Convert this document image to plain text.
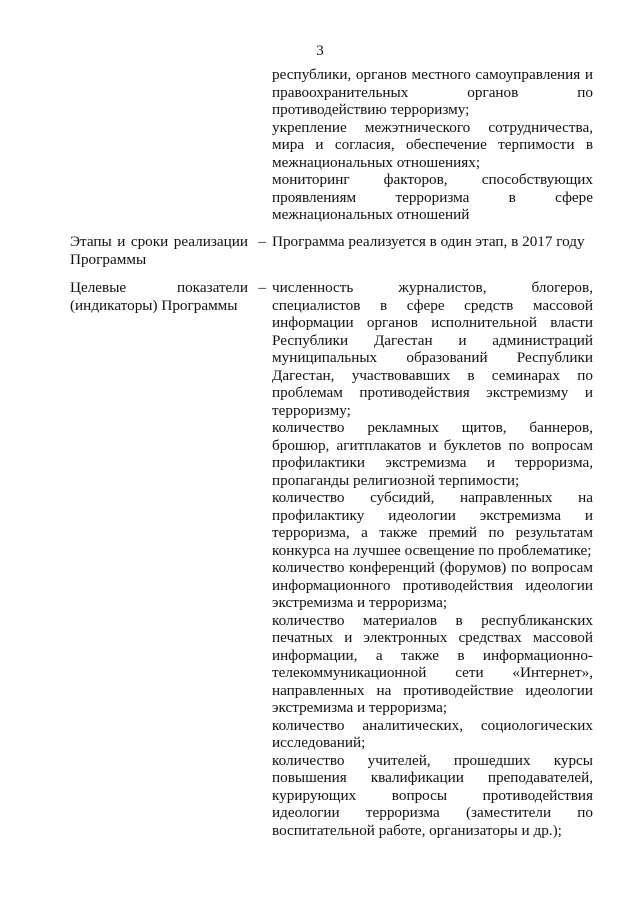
3

республики, органов местного самоуправления и правоохранительных органов по противодействию терроризму;

укрепление межэтнического сотрудничества, мира и согласия, обеспечение терпимости в межнациональных отношениях;

мониторинг факторов, способствующих проявлениям терроризма в сфере межнациональных отношений

Этапы и сроки реализации Программы
– Программа реализуется в один этап, в 2017 году

Целевые показатели (индикаторы) Программы
– численность журналистов, блогеров, специалистов в сфере средств массовой информации органов исполнительной власти Республики Дагестан и администраций муниципальных образований Республики Дагестан, участвовавших в семинарах по проблемам противодействия экстремизму и терроризму;

количество рекламных щитов, баннеров, брошюр, агитплакатов и буклетов по вопросам профилактики экстремизма и терроризма, пропаганды религиозной терпимости;

количество субсидий, направленных на профилактику идеологии экстремизма и терроризма, а также премий по результатам конкурса на лучшее освещение по проблематике;

количество конференций (форумов) по вопросам информационного противодействия идеологии экстремизма и терроризма;

количество материалов в республиканских печатных и электронных средствах массовой информации, а также в информационно-телекоммуникационной сети «Интернет», направленных на противодействие идеологии экстремизма и терроризма;

количество аналитических, социологических исследований;

количество учителей, прошедших курсы повышения квалификации преподавателей, курирующих вопросы противодействия идеологии терроризма (заместители по воспитательной работе, организаторы и др.);
